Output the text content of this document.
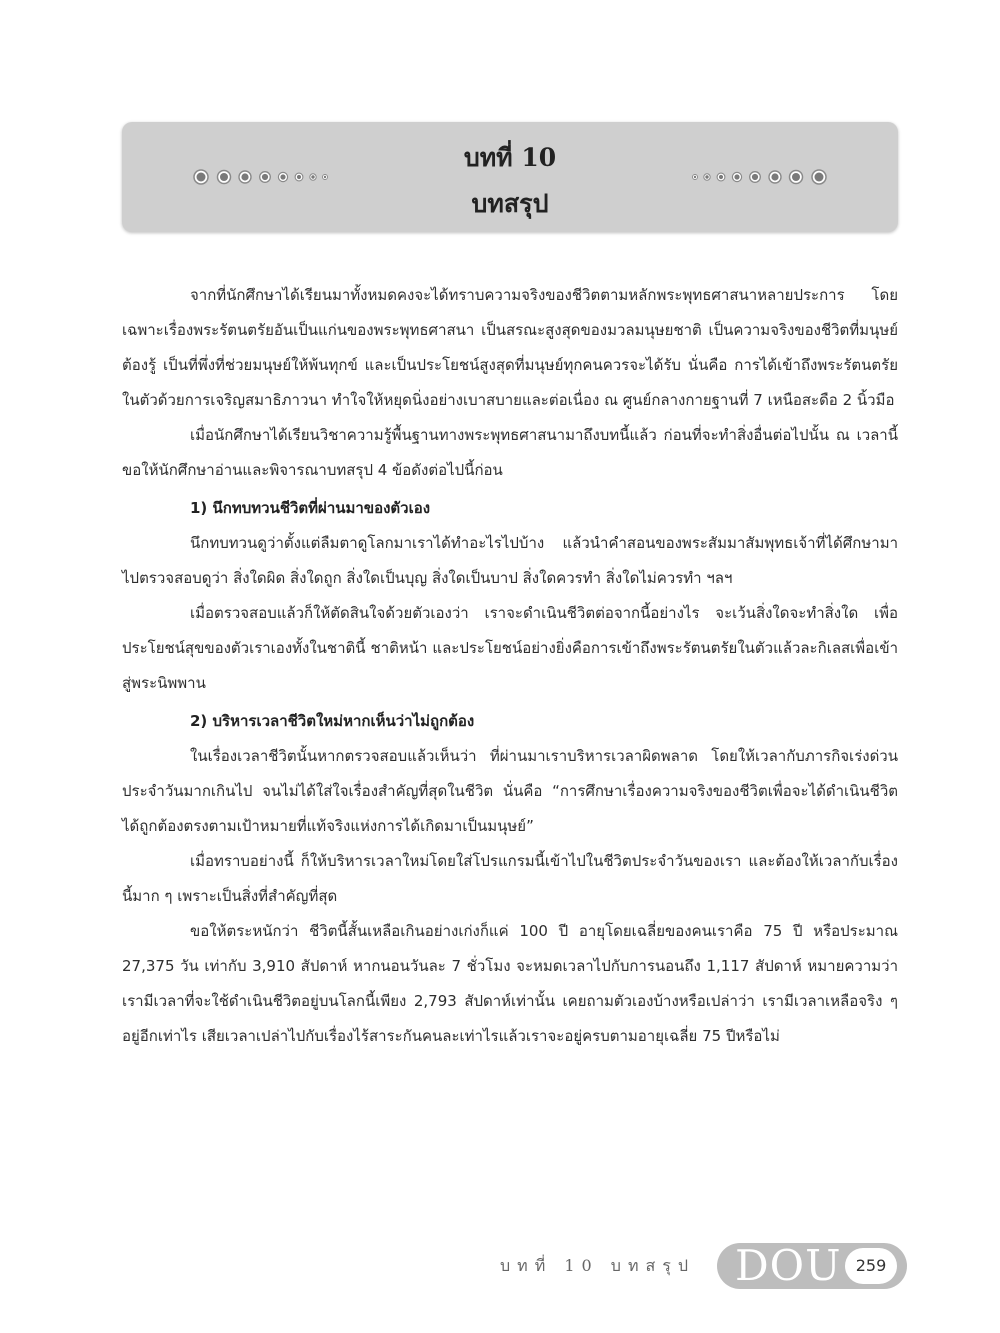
บทที่ 10
บทสรุป

จากที่นักศึกษาได้เรียนมาทั้งหมดคงจะได้ทราบความจริงของชีวิตตามหลักพระพุทธศาสนาหลายประการ โดยเฉพาะเรื่องพระรัตนตรัยอันเป็นแก่นของพระพุทธศาสนา เป็นสรณะสูงสุดของมวลมนุษยชาติ เป็นความจริงของชีวิตที่มนุษย์ต้องรู้ เป็นที่พึ่งที่ช่วยมนุษย์ให้พ้นทุกข์ และเป็นประโยชน์สูงสุดที่มนุษย์ทุกคนควรจะได้รับ นั่นคือ การได้เข้าถึงพระรัตนตรัยในตัวด้วยการเจริญสมาธิภาวนา ทำใจให้หยุดนิ่งอย่างเบาสบายและต่อเนื่อง ณ ศูนย์กลางกายฐานที่ 7 เหนือสะดือ 2 นิ้วมือ

เมื่อนักศึกษาได้เรียนวิชาความรู้พื้นฐานทางพระพุทธศาสนามาถึงบทนี้แล้ว ก่อนที่จะทำสิ่งอื่นต่อไปนั้น ณ เวลานี้ขอให้นักศึกษาอ่านและพิจารณาบทสรุป 4 ข้อดังต่อไปนี้ก่อน

1) นึกทบทวนชีวิตที่ผ่านมาของตัวเอง

นึกทบทวนดูว่าตั้งแต่ลืมตาดูโลกมาเราได้ทำอะไรไปบ้าง แล้วนำคำสอนของพระสัมมาสัมพุทธเจ้าที่ได้ศึกษามาไปตรวจสอบดูว่า สิ่งใดผิด สิ่งใดถูก สิ่งใดเป็นบุญ สิ่งใดเป็นบาป สิ่งใดควรทำ สิ่งใดไม่ควรทำ ฯลฯ

เมื่อตรวจสอบแล้วก็ให้ตัดสินใจด้วยตัวเองว่า เราจะดำเนินชีวิตต่อจากนี้อย่างไร จะเว้นสิ่งใดจะทำสิ่งใด เพื่อประโยชน์สุขของตัวเราเองทั้งในชาตินี้ ชาติหน้า และประโยชน์อย่างยิ่งคือการเข้าถึงพระรัตนตรัยในตัวแล้วละกิเลสเพื่อเข้าสู่พระนิพพาน

2) บริหารเวลาชีวิตใหม่หากเห็นว่าไม่ถูกต้อง

ในเรื่องเวลาชีวิตนั้นหากตรวจสอบแล้วเห็นว่า ที่ผ่านมาเราบริหารเวลาผิดพลาด โดยให้เวลากับภารกิจเร่งด่วนประจำวันมากเกินไป จนไม่ได้ใส่ใจเรื่องสำคัญที่สุดในชีวิต นั่นคือ “การศึกษาเรื่องความจริงของชีวิตเพื่อจะได้ดำเนินชีวิตได้ถูกต้องตรงตามเป้าหมายที่แท้จริงแห่งการได้เกิดมาเป็นมนุษย์”

เมื่อทราบอย่างนี้ ก็ให้บริหารเวลาใหม่โดยใส่โปรแกรมนี้เข้าไปในชีวิตประจำวันของเรา และต้องให้เวลากับเรื่องนี้มาก ๆ เพราะเป็นสิ่งที่สำคัญที่สุด

ขอให้ตระหนักว่า ชีวิตนี้สั้นเหลือเกินอย่างเก่งก็แค่ 100 ปี อายุโดยเฉลี่ยของคนเราคือ 75 ปี หรือประมาณ 27,375 วัน เท่ากับ 3,910 สัปดาห์ หากนอนวันละ 7 ชั่วโมง จะหมดเวลาไปกับการนอนถึง 1,117 สัปดาห์ หมายความว่าเรามีเวลาที่จะใช้ดำเนินชีวิตอยู่บนโลกนี้เพียง 2,793 สัปดาห์เท่านั้น เคยถามตัวเองบ้างหรือเปล่าว่า เรามีเวลาเหลือจริง ๆ อยู่อีกเท่าไร เสียเวลาเปล่าไปกับเรื่องไร้สาระกันคนละเท่าไรแล้วเราจะอยู่ครบตามอายุเฉลี่ย 75 ปีหรือไม่

บทที่ 10 บทสรุป DOU 259
